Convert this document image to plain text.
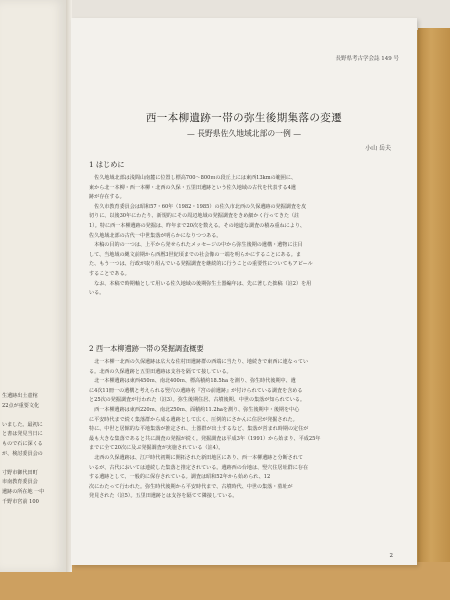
生遺跡出土壺棺
22点が重要文化

いました。最初に
と書は発見当日に
もので石に深くる
が、検討委員会の

寸野市御代田町
市南教育委員会
遺跡の所在地 一中
千野市宮前 100
長野県考古学会誌 149 号
西一本柳遺跡一帯の弥生後期集落の変遷
— 長野県佐久地域北部の一例 —
小山 岳夫
1 はじめに
　佐久地域北部は浅間山南麓に位置し標高700〜800ｍの段丘上には東西13kmの範囲に、
東から北一本柳・西一本柳・北西の久保・五里田遺跡という佐久地域の古代を代表する4遺
跡が存在する。
　佐久市教育委員会は昭和57・60年（1982・1985）の佐久市北西の久保遺跡の発掘調査を皮
切りに、以後30年にわたり、新規的にその周辺地域の発掘調査をきめ細かく行ってきた（註
1）。特に西一本柳遺跡の発掘は、昨年まで20次を数える。その地道な調査の積み重ねにより、
佐久地域北部の古代一中世集落が明らかになりつつある。
　本稿の目的の一つは、上平から発せられたメッセージの中から弥生後期の遺構・遺物に注目
して、当地域の縄文前期から西暦3世紀頃までの社会像の一端を明らかにすることにある。ま
た、もう一つは、行政が取り組んでいる発掘調査を継続的に行うことの重要性についてもアピール
することである。
　なお、本稿で時期軸として用いる佐久地域の後期弥生土器編年は、先に著した拙稿（註2）を用
いる。
2 西一本柳遺跡一帯の発掘調査概要
　北一本柳一北西の久保遺跡は広大な佐村田遺跡群の西端に当たり、地続きで東西に連なってい
る。北西の久保遺跡と五里田遺跡は支谷を隔てて接している。
　北一本柳遺跡は東西450ｍ、南北400ｍ、標高積約18.5ha を測り、弥生時代後期中、遺
に4次11冊一の遺構と考えられる竪穴の遺跡名『宮の前遺跡』が付けられている調査を含める
と25次の発掘調査が行われた（註3）。弥生後期住居、古墳後期、中世の集落が知られている。
　西一本柳遺跡は東西220ｍ、南北250ｍ、面積約11.2haを測り、弥生後期中・後期を中心
に平安時代まで続く集落群から成る遺跡として広く、圧倒的にさかんに住居が発掘された。
特に、中世と居館的な平地集落が推定され、土器群が出土するなど、集落が営まれ時期の定住が
最も大きな集落であると共に調査の発掘が続く。発掘調査は平成3年（1991）から始まり、平成25年
までに全て20次に及ぶ発掘調査が実施されている（註4）。
　北西の久保遺跡は、江戸時代初期に開拓された新田地区にあり、西一本柳遺跡と分断されて
いるが、古代においては連続した集落と推定されている。遺跡西の台地は、竪穴住居址群に存在
する遺跡として、一般的に保存されている。調査は昭和52年から始められ、12
次にわたって行われた。弥生時代後期から平安時代まで、古墳時代、中世の集落・墓址が
発見された（註5）。五里田遺跡とは支谷を隔てて隣接している。
2
